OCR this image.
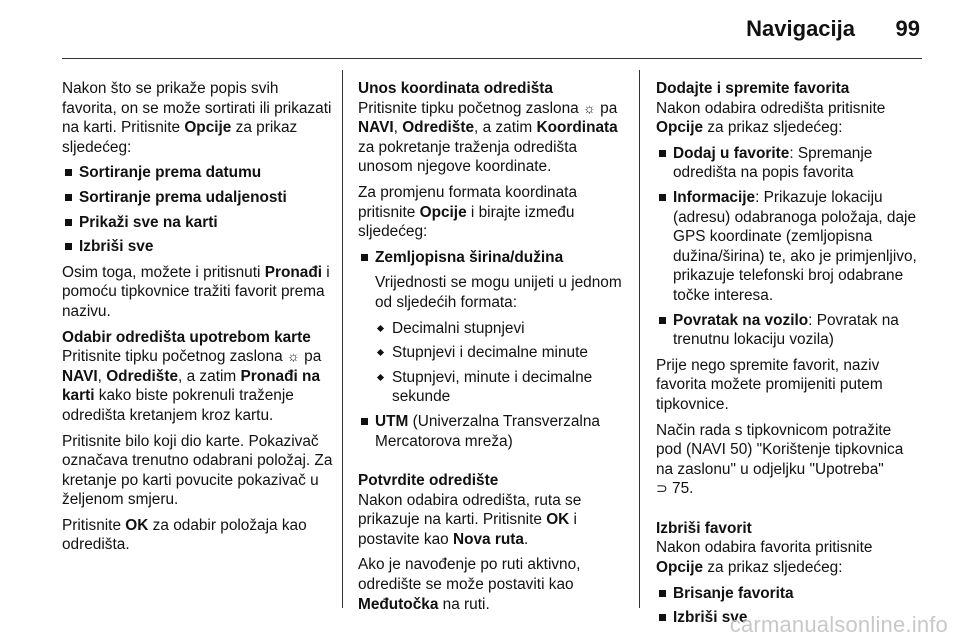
Navigacija 99

Nakon što se prikaže popis svih favorita, on se može sortirati ili prikazati na karti. Pritisnite Opcije za prikaz sljedećeg:

Sortiranje prema datumu
Sortiranje prema udaljenosti
Prikaži sve na karti
Izbriši sve

Osim toga, možete i pritisnuti Pronađi i pomoću tipkovnice tražiti favorit prema nazivu.

Odabir odredišta upotrebom karte

Pritisnite tipku početnog zaslona ☼ pa NAVI, Odredište, a zatim Pronađi na karti kako biste pokrenuli traženje odredišta kretanjem kroz kartu.

Pritisnite bilo koji dio karte. Pokazivač označava trenutno odabrani položaj. Za kretanje po karti povucite pokazivač u željenom smjeru.

Pritisnite OK za odabir položaja kao odredišta.

Unos koordinata odredišta

Pritisnite tipku početnog zaslona ☼ pa NAVI, Odredište, a zatim Koordinata za pokretanje traženja odredišta unosom njegove koordinate.

Za promjenu formata koordinata pritisnite Opcije i birajte između sljedećeg:

Zemljopisna širina/dužina

Vrijednosti se mogu unijeti u jednom od sljedećih formata:
Decimalni stupnjevi
Stupnjevi i decimalne minute
Stupnjevi, minute i decimalne sekunde
UTM (Univerzalna Transverzalna Mercatorova mreža)
Potvrdite odredište

Nakon odabira odredišta, ruta se prikazuje na karti. Pritisnite OK i postavite kao Nova ruta.

Ako je navođenje po ruti aktivno, odredište se može postaviti kao Međutočka na ruti.

Dodajte i spremite favorita

Nakon odabira odredišta pritisnite Opcije za prikaz sljedećeg:

Dodaj u favorite: Spremanje odredišta na popis favorita
Informacije: Prikazuje lokaciju (adresu) odabranoga položaja, daje GPS koordinate (zemljopisna dužina/širina) te, ako je primjenljivo, prikazuje telefonski broj odabrane točke interesa.
Povratak na vozilo: Povratak na trenutnu lokaciju vozila)

Prije nego spremite favorit, naziv favorita možete promijeniti putem tipkovnice.

Način rada s tipkovnicom potražite pod (NAVI 50) "Korištenje tipkovnica na zaslonu" u odjeljku "Upotreba"

⊃ 75.

Izbriši favorit

Nakon odabira favorita pritisnite Opcije za prikaz sljedećeg:

Brisanje favorita
Izbriši sve
carmanualsonline.info
